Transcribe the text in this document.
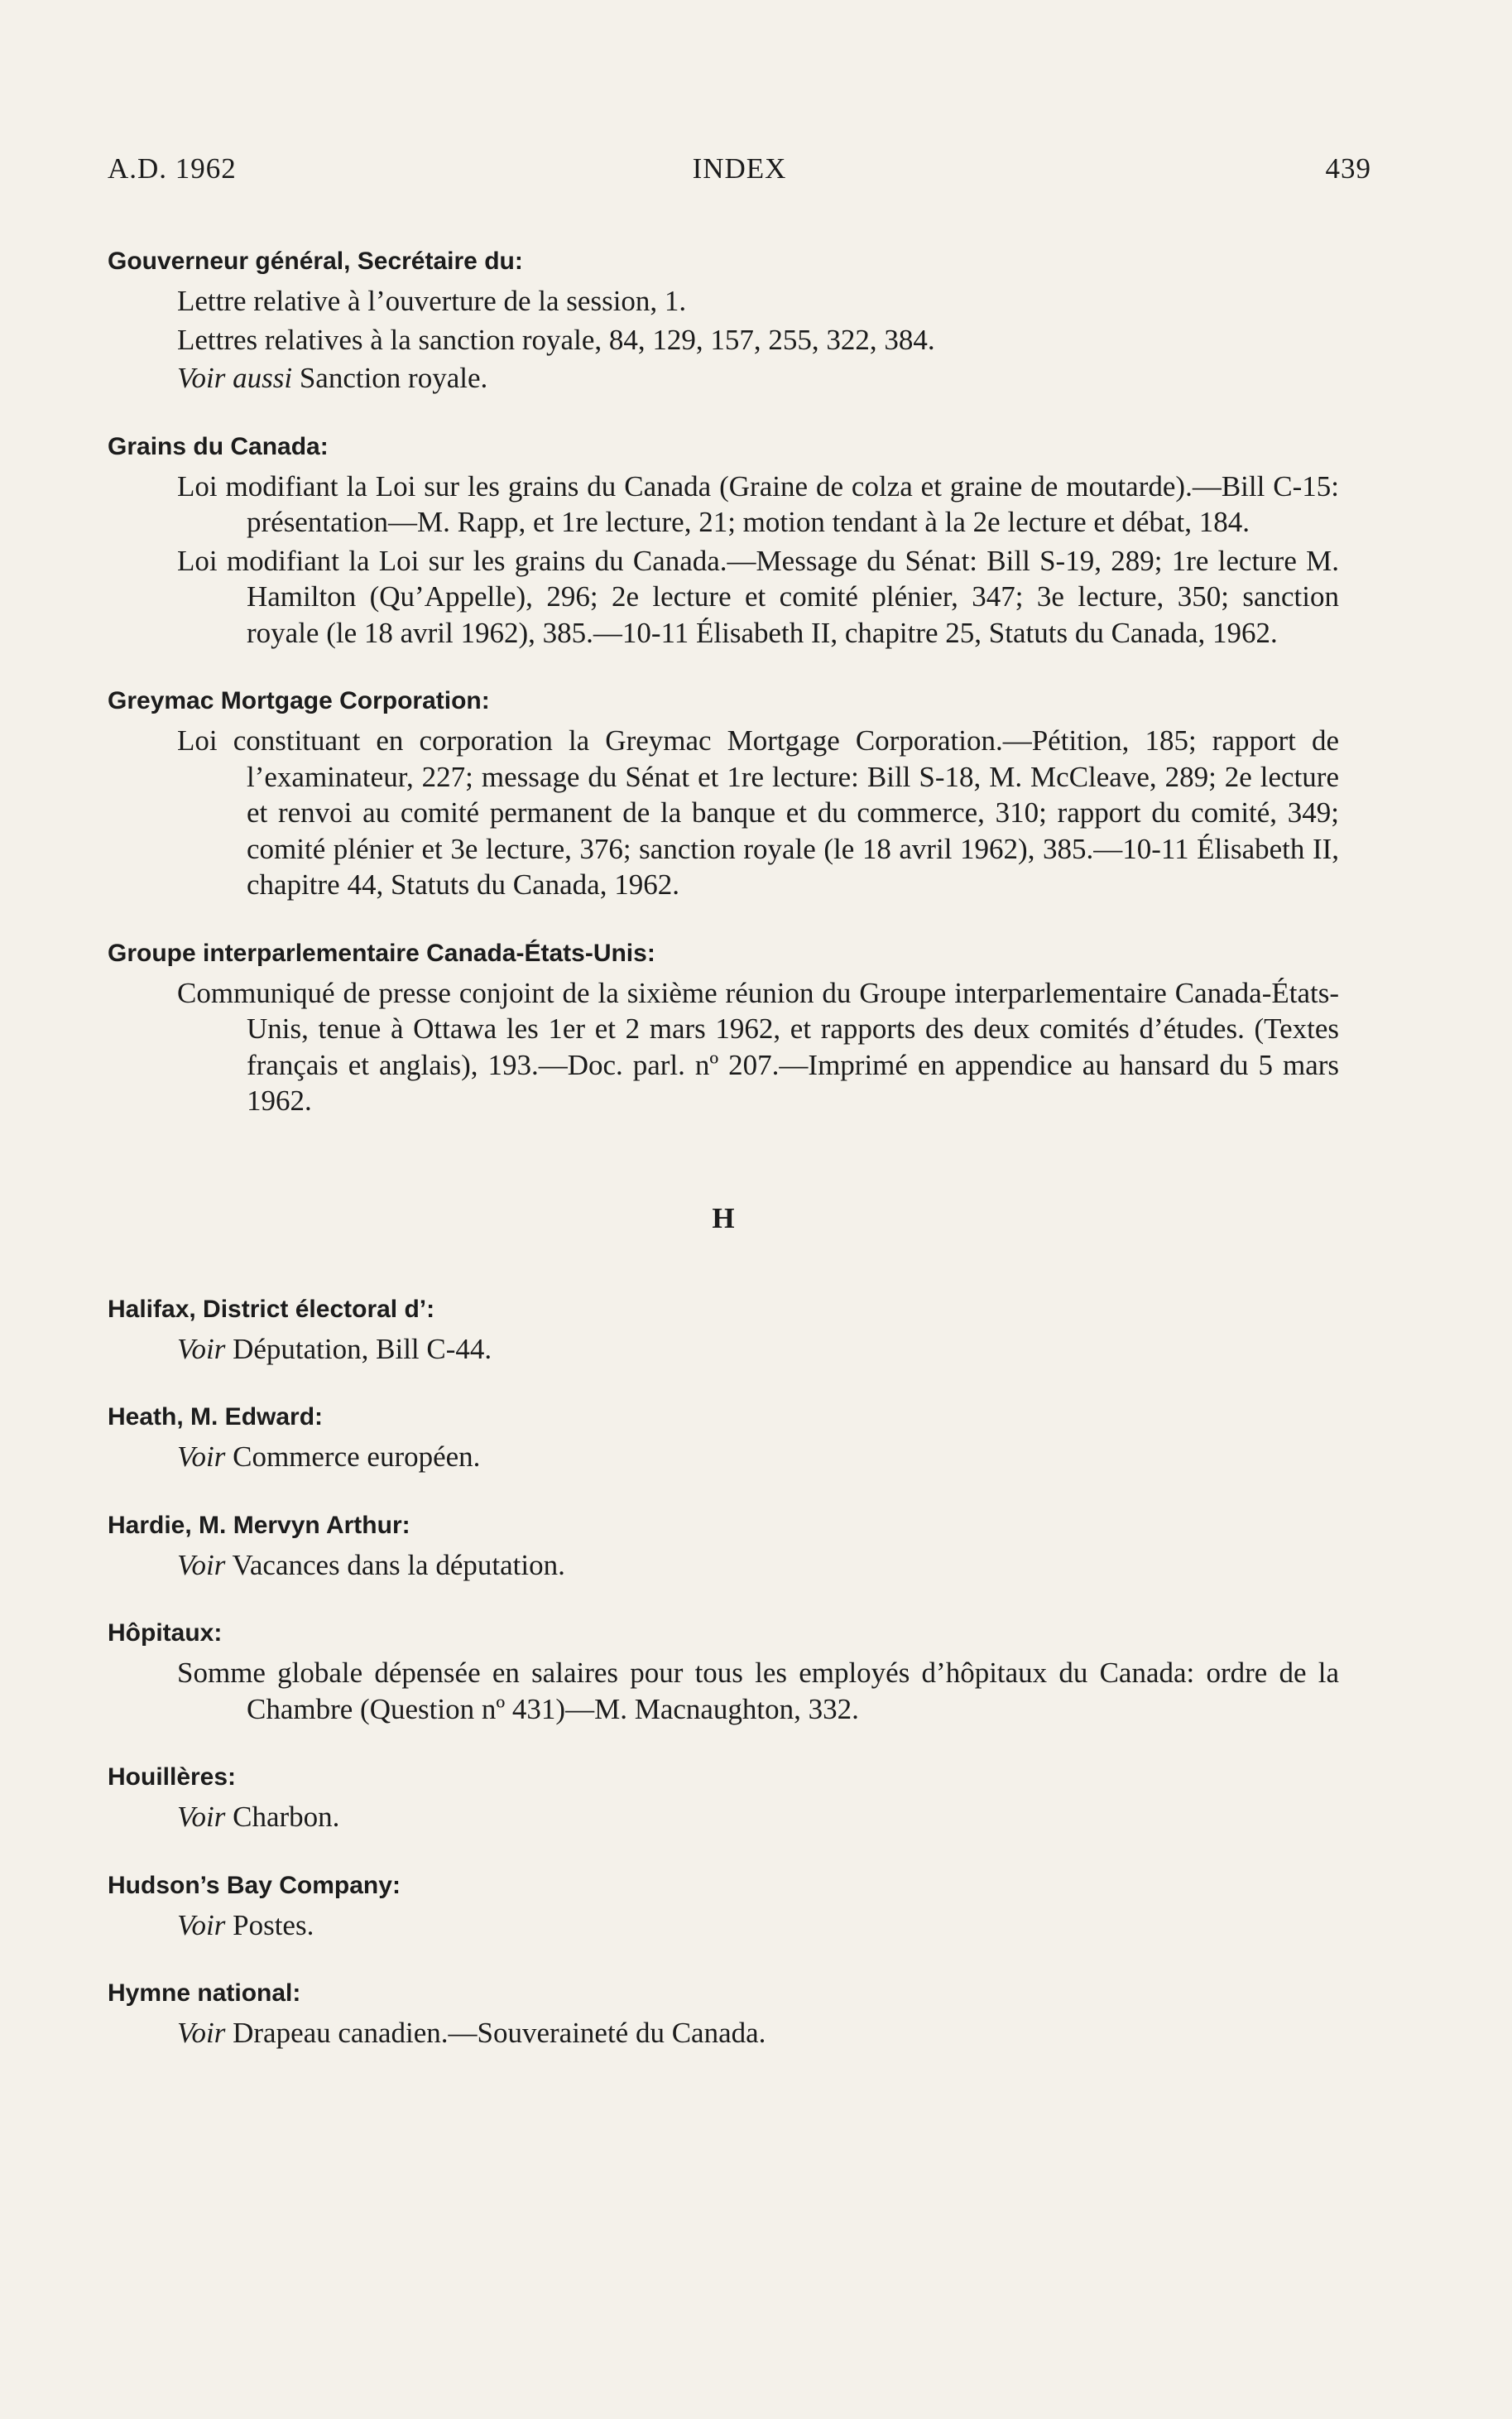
A.D. 1962	INDEX	439
Gouverneur général, Secrétaire du:
Lettre relative à l’ouverture de la session, 1.
Lettres relatives à la sanction royale, 84, 129, 157, 255, 322, 384.
Voir aussi Sanction royale.
Grains du Canada:
Loi modifiant la Loi sur les grains du Canada (Graine de colza et graine de moutarde).—Bill C-15: présentation—M. Rapp, et 1re lecture, 21; motion tendant à la 2e lecture et débat, 184.
Loi modifiant la Loi sur les grains du Canada.—Message du Sénat: Bill S-19, 289; 1re lecture M. Hamilton (Qu’Appelle), 296; 2e lecture et comité plénier, 347; 3e lecture, 350; sanction royale (le 18 avril 1962), 385.—10-11 Élisabeth II, chapitre 25, Statuts du Canada, 1962.
Greymac Mortgage Corporation:
Loi constituant en corporation la Greymac Mortgage Corporation.—Pétition, 185; rapport de l’examinateur, 227; message du Sénat et 1re lecture: Bill S-18, M. McCleave, 289; 2e lecture et renvoi au comité permanent de la banque et du commerce, 310; rapport du comité, 349; comité plénier et 3e lecture, 376; sanction royale (le 18 avril 1962), 385.—10-11 Élisabeth II, chapitre 44, Statuts du Canada, 1962.
Groupe interparlementaire Canada-États-Unis:
Communiqué de presse conjoint de la sixième réunion du Groupe interparlementaire Canada-États-Unis, tenue à Ottawa les 1er et 2 mars 1962, et rapports des deux comités d’études. (Textes français et anglais), 193.—Doc. parl. nº 207.—Imprimé en appendice au hansard du 5 mars 1962.
H
Halifax, District électoral d’:
Voir Députation, Bill C-44.
Heath, M. Edward:
Voir Commerce européen.
Hardie, M. Mervyn Arthur:
Voir Vacances dans la députation.
Hôpitaux:
Somme globale dépensée en salaires pour tous les employés d’hôpitaux du Canada: ordre de la Chambre (Question nº 431)—M. Macnaughton, 332.
Houillères:
Voir Charbon.
Hudson’s Bay Company:
Voir Postes.
Hymne national:
Voir Drapeau canadien.—Souveraineté du Canada.
